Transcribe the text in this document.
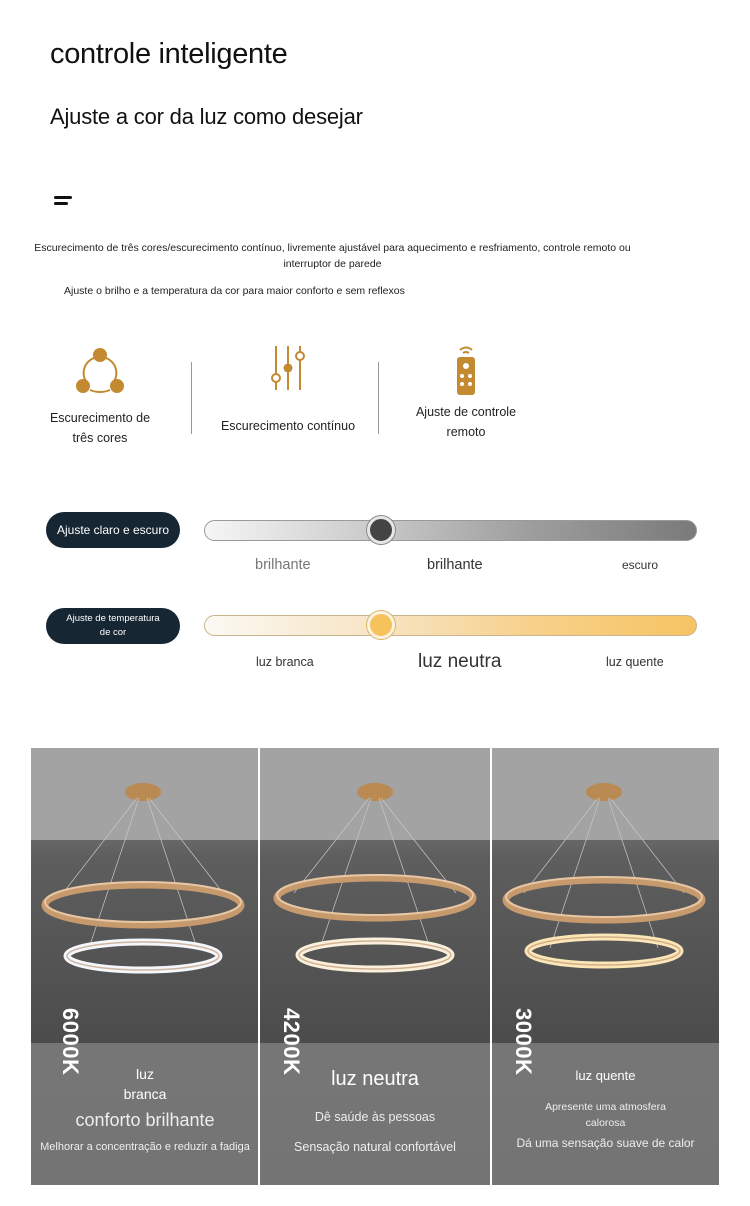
controle inteligente
Ajuste a cor da luz como desejar
Escurecimento de três cores/escurecimento contínuo, livremente ajustável para aquecimento e resfriamento, controle remoto ou interruptor de parede
Ajuste o brilho e a temperatura da cor para maior conforto e sem reflexos
Escurecimento de
três cores
Escurecimento contínuo
Ajuste de controle
remoto
Ajuste claro e escuro
brilhante	brilhante	escuro
Ajuste de temperatura de cor
luz branca	luz neutra	luz quente
6000K	luz
branca
conforto brilhante
Melhorar a concentração e reduzir a fadiga
4200K
luz neutra
Dê saúde às pessoas
Sensação natural confortável
3000K
luz quente
Apresente uma atmosfera
calorosa
Dá uma sensação suave de calor
